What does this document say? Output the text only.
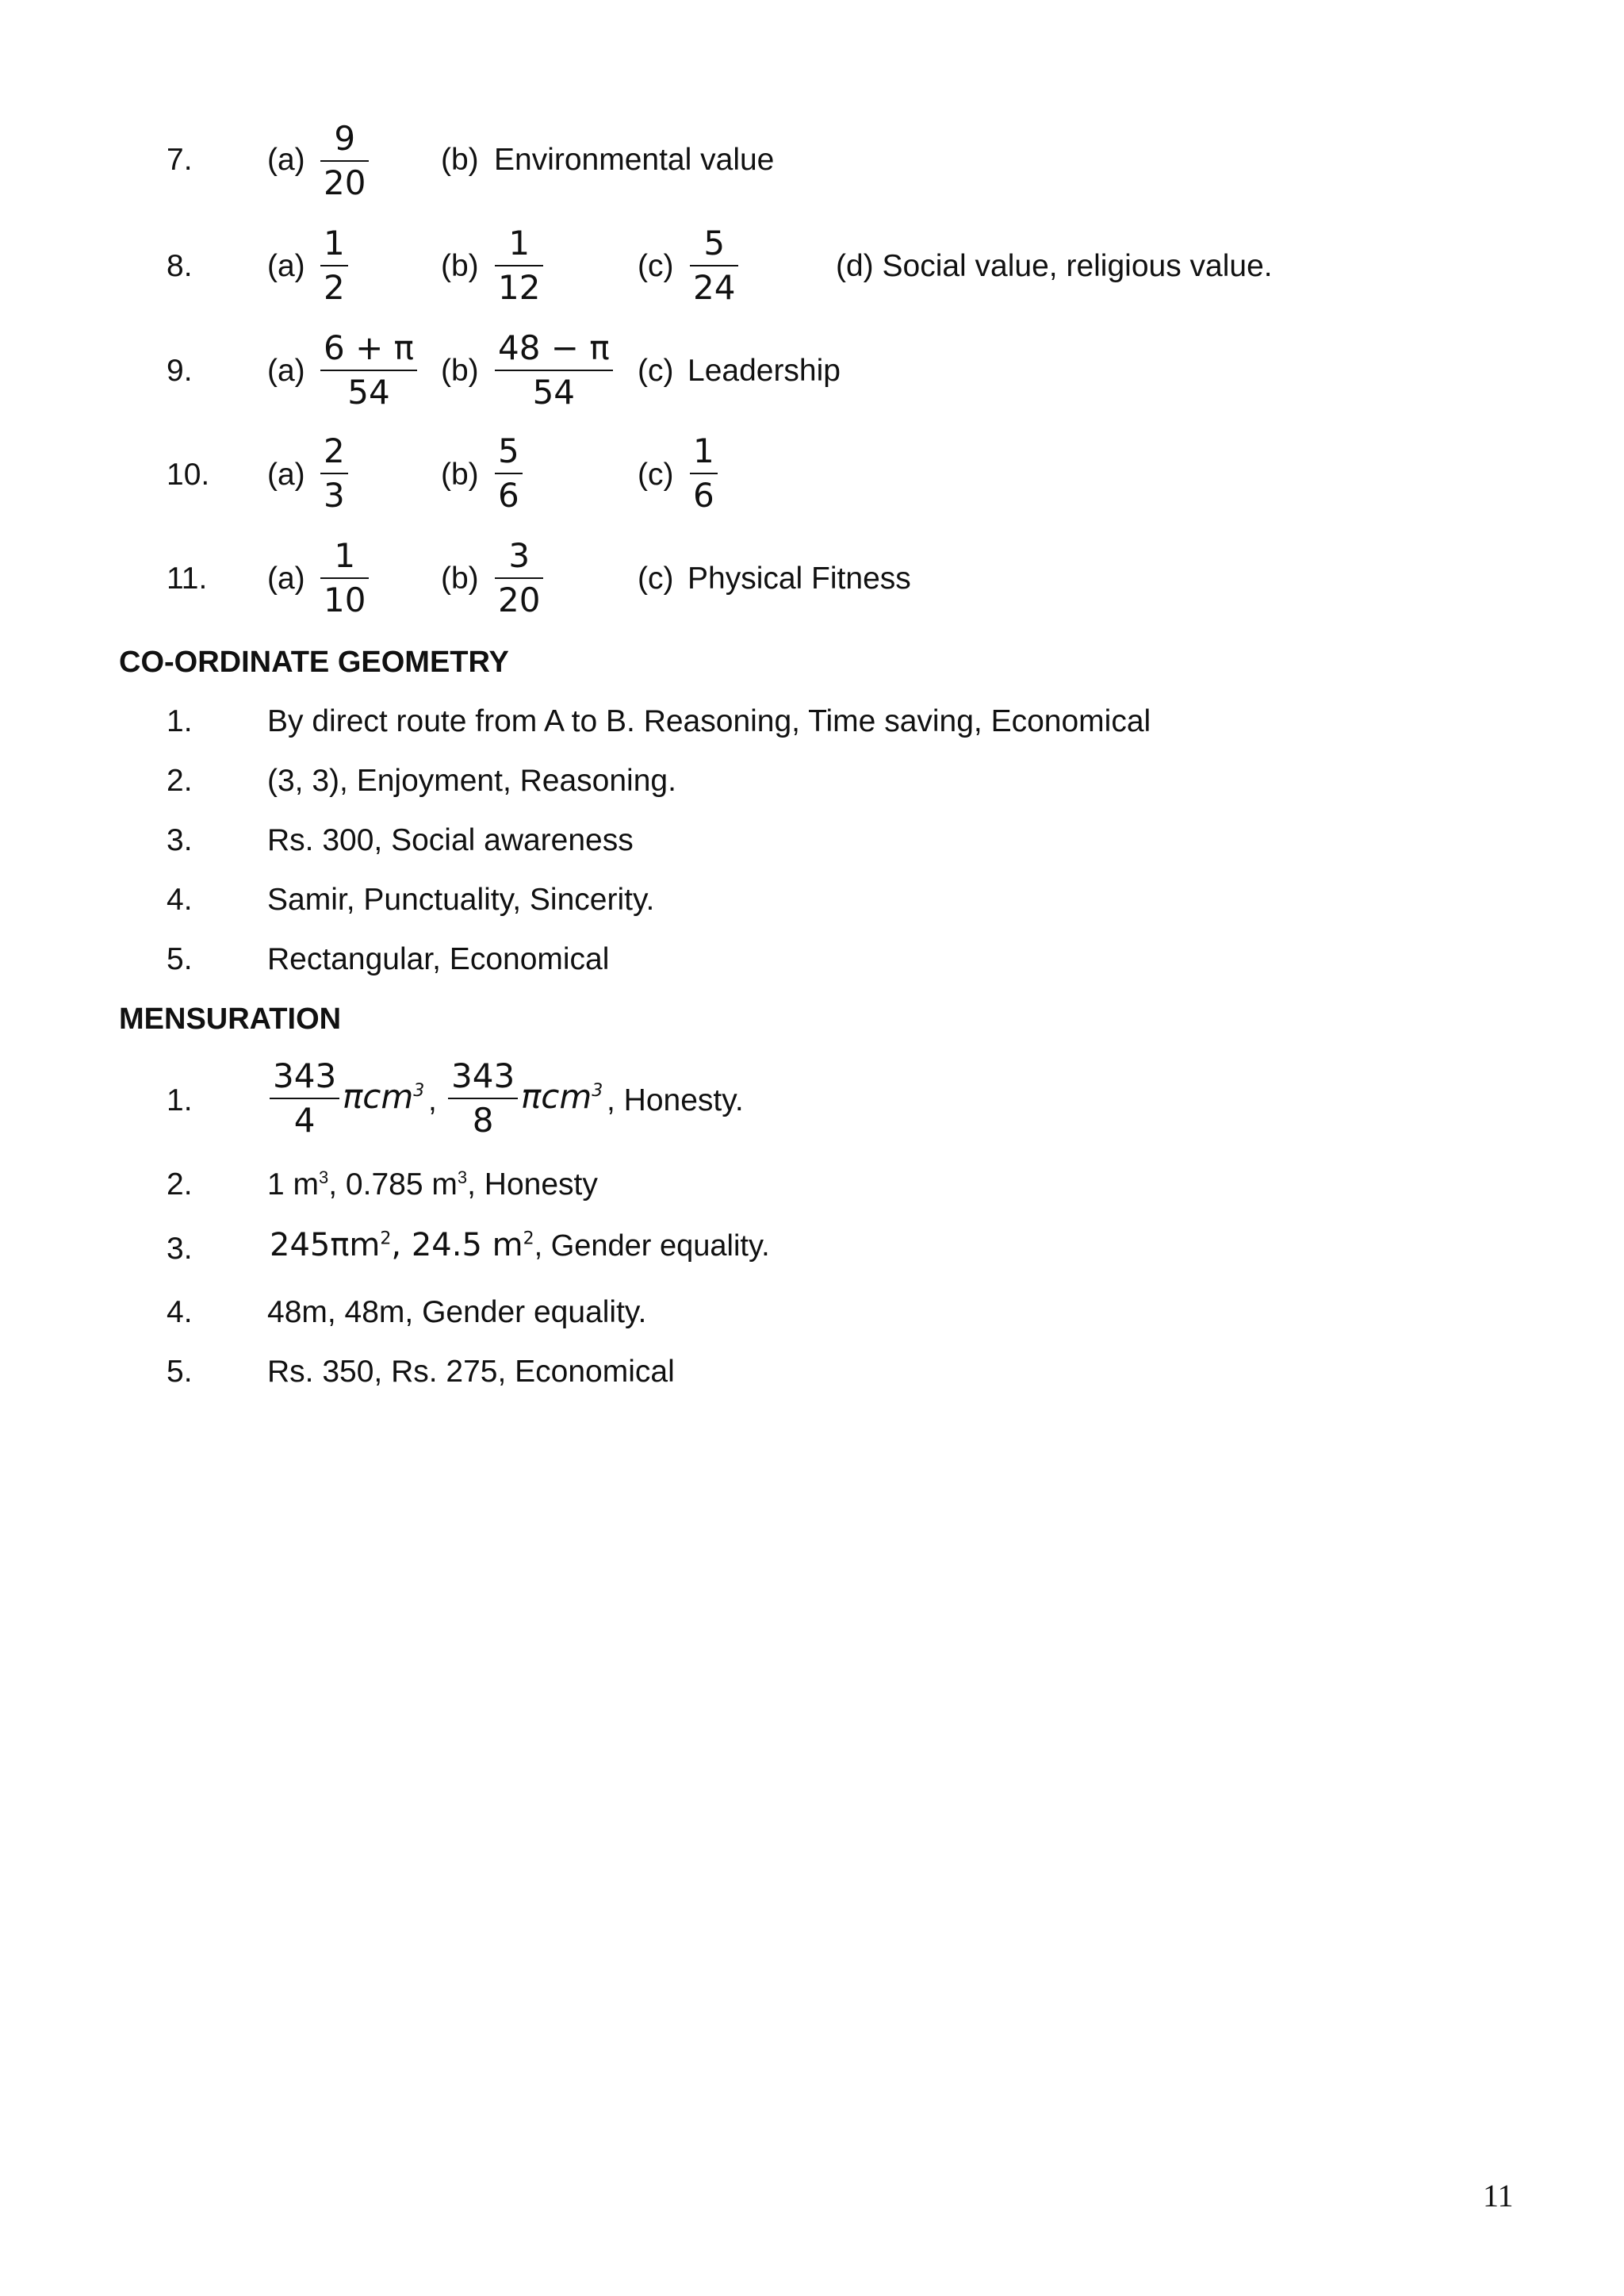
7. (a)
9
20
(b) Environmental value
8. (a)
1
2
(b)
1
12
(c)
5
24
(d) Social value, religious value.
9. (a)
6 + π
54
(b)
48 − π
54
(c) Leadership
10. (a)
2
3
(b)
5
6
(c)
1
6
11. (a)
1
10
(b)
3
20
(c) Physical Fitness
CO-ORDINATE GEOMETRY
1. By direct route from A to B. Reasoning, Time saving, Economical
2. (3, 3), Enjoyment, Reasoning.
3. Rs. 300, Social awareness
4. Samir, Punctuality, Sincerity.
5. Rectangular, Economical
MENSURATION
1.
343
4
πcm$^3$ ,
343
8
πcm$^3$ , Honesty.
2. 1 $m^3$, 0.785 $m^3$, Honesty
3. $245\pi m^2$, 24.5 $m^2$, Gender equality.
4. 48m, 48m, Gender equality.
5. Rs. 350, Rs. 275, Economical
11
